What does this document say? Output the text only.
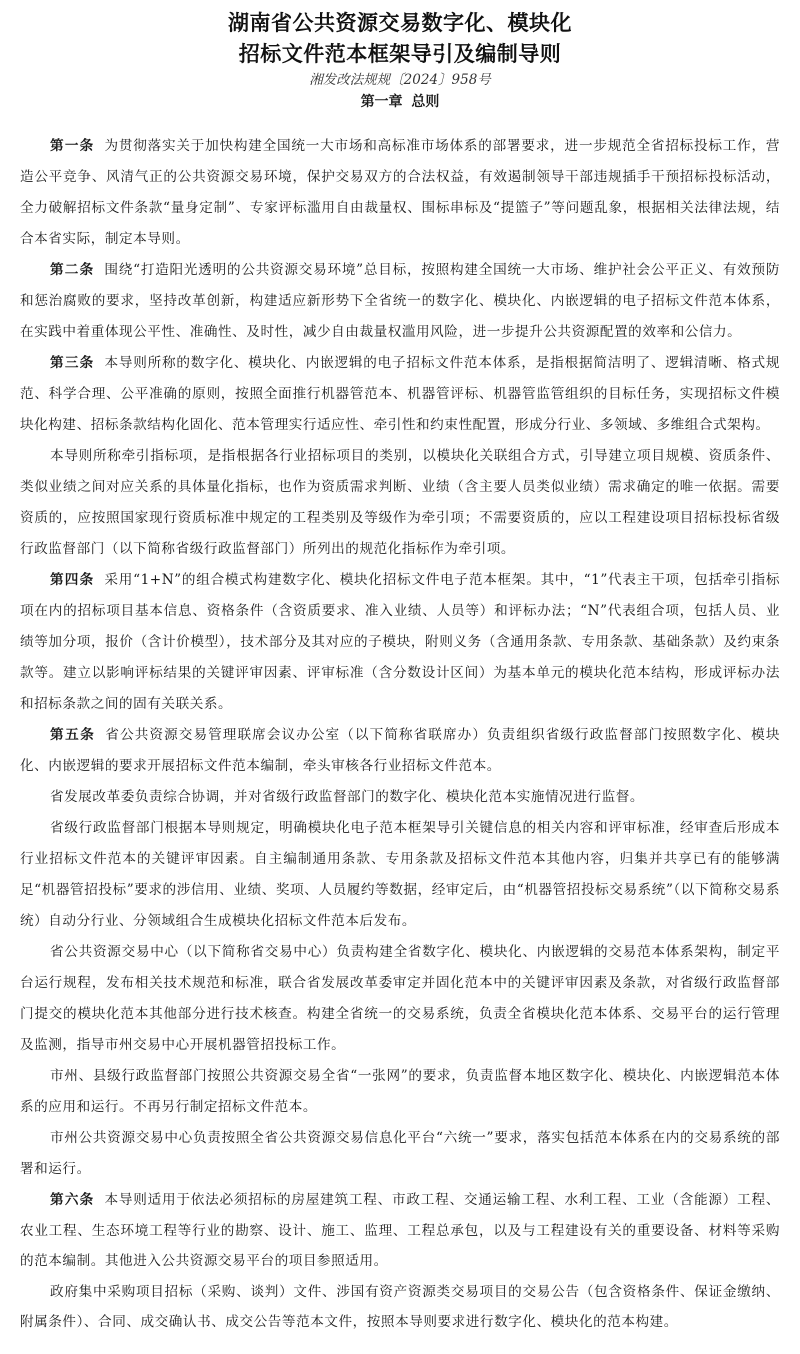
湖南省公共资源交易数字化、模块化
招标文件范本框架导引及编制导则
湘发改法规规〔2024〕958号
第一章 总则

第一条 为贯彻落实关于加快构建全国统一大市场和高标准市场体系的部署要求，进一步规范全省招标投标工作，营造公平竞争、风清气正的公共资源交易环境，保护交易双方的合法权益，有效遏制领导干部违规插手干预招标投标活动，全力破解招标文件条款“量身定制”、专家评标滥用自由裁量权、围标串标及“提篮子”等问题乱象，根据相关法律法规，结合本省实际，制定本导则。

第二条 围绕“打造阳光透明的公共资源交易环境”总目标，按照构建全国统一大市场、维护社会公平正义、有效预防和惩治腐败的要求，坚持改革创新，构建适应新形势下全省统一的数字化、模块化、内嵌逻辑的电子招标文件范本体系，在实践中着重体现公平性、准确性、及时性，减少自由裁量权滥用风险，进一步提升公共资源配置的效率和公信力。

第三条 本导则所称的数字化、模块化、内嵌逻辑的电子招标文件范本体系，是指根据简洁明了、逻辑清晰、格式规范、科学合理、公平准确的原则，按照全面推行机器管范本、机器管评标、机器管监管组织的目标任务，实现招标文件模块化构建、招标条款结构化固化、范本管理实行适应性、牵引性和约束性配置，形成分行业、多领域、多维组合式架构。

本导则所称牵引指标项，是指根据各行业招标项目的类别，以模块化关联组合方式，引导建立项目规模、资质条件、类似业绩之间对应关系的具体量化指标，也作为资质需求判断、业绩（含主要人员类似业绩）需求确定的唯一依据。需要资质的，应按照国家现行资质标准中规定的工程类别及等级作为牵引项；不需要资质的，应以工程建设项目招标投标省级行政监督部门（以下简称省级行政监督部门）所列出的规范化指标作为牵引项。

第四条 采用“1+N”的组合模式构建数字化、模块化招标文件电子范本框架。其中，“1”代表主干项，包括牵引指标项在内的招标项目基本信息、资格条件（含资质要求、准入业绩、人员等）和评标办法；“N”代表组合项，包括人员、业绩等加分项，报价（含计价模型），技术部分及其对应的子模块，附则义务（含通用条款、专用条款、基础条款）及约束条款等。建立以影响评标结果的关键评审因素、评审标准（含分数设计区间）为基本单元的模块化范本结构，形成评标办法和招标条款之间的固有关联关系。

第五条 省公共资源交易管理联席会议办公室（以下简称省联席办）负责组织省级行政监督部门按照数字化、模块化、内嵌逻辑的要求开展招标文件范本编制，牵头审核各行业招标文件范本。

省发展改革委负责综合协调，并对省级行政监督部门的数字化、模块化范本实施情况进行监督。

省级行政监督部门根据本导则规定，明确模块化电子范本框架导引关键信息的相关内容和评审标准，经审查后形成本行业招标文件范本的关键评审因素。自主编制通用条款、专用条款及招标文件范本其他内容，归集并共享已有的能够满足“机器管招投标”要求的涉信用、业绩、奖项、人员履约等数据，经审定后，由“机器管招投标交易系统”（以下简称交易系统）自动分行业、分领域组合生成模块化招标文件范本后发布。

省公共资源交易中心（以下简称省交易中心）负责构建全省数字化、模块化、内嵌逻辑的交易范本体系架构，制定平台运行规程，发布相关技术规范和标准，联合省发展改革委审定并固化范本中的关键评审因素及条款，对省级行政监督部门提交的模块化范本其他部分进行技术核查。构建全省统一的交易系统，负责全省模块化范本体系、交易平台的运行管理及监测，指导市州交易中心开展机器管招投标工作。

市州、县级行政监督部门按照公共资源交易全省“一张网”的要求，负责监督本地区数字化、模块化、内嵌逻辑范本体系的应用和运行。不再另行制定招标文件范本。

市州公共资源交易中心负责按照全省公共资源交易信息化平台“六统一”要求，落实包括范本体系在内的交易系统的部署和运行。

第六条 本导则适用于依法必须招标的房屋建筑工程、市政工程、交通运输工程、水利工程、工业（含能源）工程、农业工程、生态环境工程等行业的勘察、设计、施工、监理、工程总承包，以及与工程建设有关的重要设备、材料等采购的范本编制。其他进入公共资源交易平台的项目参照适用。

政府集中采购项目招标（采购、谈判）文件、涉国有资产资源类交易项目的交易公告（包含资格条件、保证金缴纳、附属条件）、合同、成交确认书、成交公告等范本文件，按照本导则要求进行数字化、模块化的范本构建。
